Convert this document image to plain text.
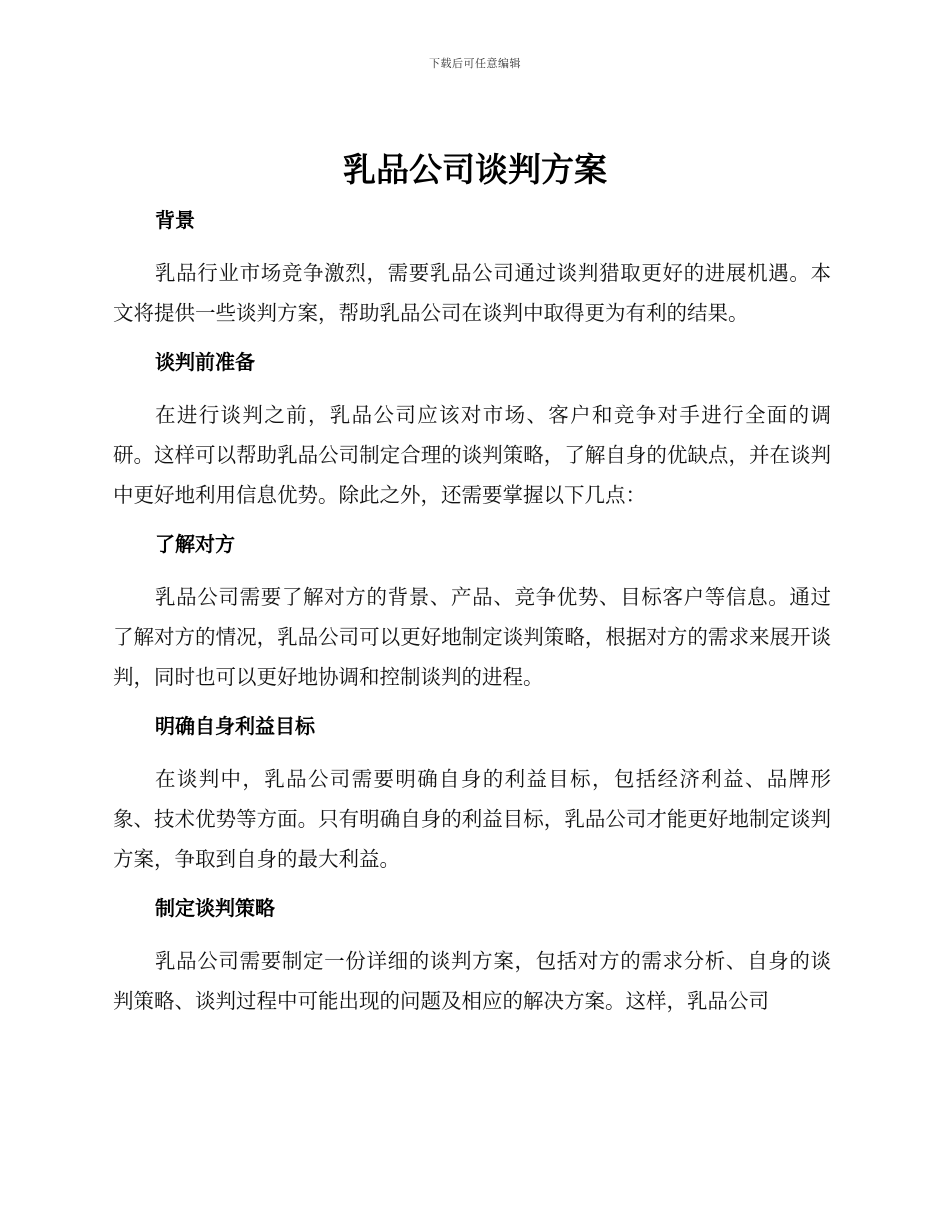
下载后可任意编辑
乳品公司谈判方案
背景

乳品行业市场竞争激烈，需要乳品公司通过谈判猎取更好的进展机遇。本文将提供一些谈判方案，帮助乳品公司在谈判中取得更为有利的结果。

谈判前准备

在进行谈判之前，乳品公司应该对市场、客户和竞争对手进行全面的调研。这样可以帮助乳品公司制定合理的谈判策略，了解自身的优缺点，并在谈判中更好地利用信息优势。除此之外，还需要掌握以下几点：

了解对方

乳品公司需要了解对方的背景、产品、竞争优势、目标客户等信息。通过了解对方的情况，乳品公司可以更好地制定谈判策略，根据对方的需求来展开谈判，同时也可以更好地协调和控制谈判的进程。

明确自身利益目标

在谈判中，乳品公司需要明确自身的利益目标，包括经济利益、品牌形象、技术优势等方面。只有明确自身的利益目标，乳品公司才能更好地制定谈判方案，争取到自身的最大利益。

制定谈判策略

乳品公司需要制定一份详细的谈判方案，包括对方的需求分析、自身的谈判策略、谈判过程中可能出现的问题及相应的解决方案。这样，乳品公司
